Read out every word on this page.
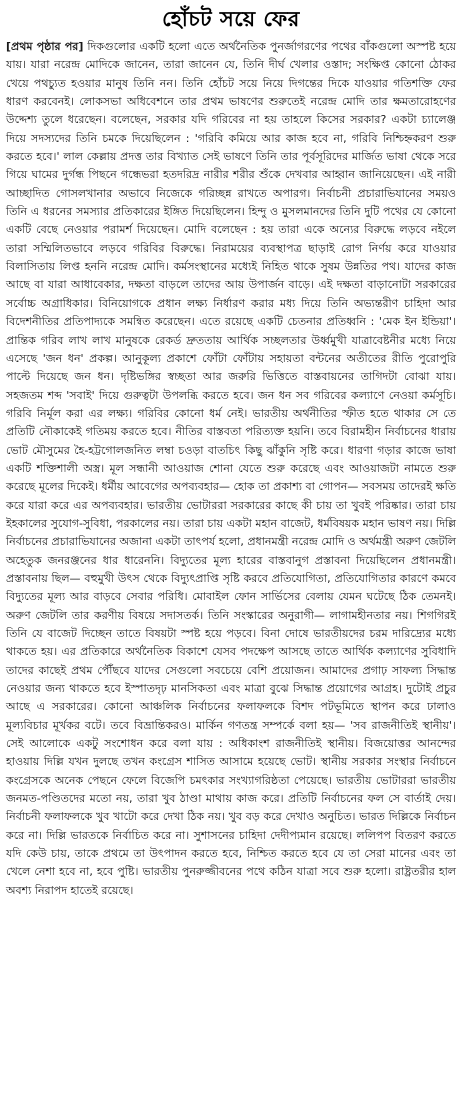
হোঁচট সয়ে ফের

[প্রথম পৃষ্ঠার পর] দিকগুলোর একটি হলো এতে অর্থনৈতিক পুনর্জাগরণের পথের বাঁকগুলো অস্পষ্ট হয়ে যায়। যারা নরেন্দ্র মোদিকে জানেন, তারা জানেন যে, তিনি দীর্ঘ খেলার ওস্তাদ; সংক্ষিপ্ত কোনো ঠোকর খেয়ে পথচ্যুত হওয়ার মানুষ তিনি নন। তিনি হোঁচট সয়ে নিয়ে দিগন্তের দিকে যাওয়ার গতিশক্তি ফের ধারণ করবেনই। লোকসভা অধিবেশনে তার প্রথম ভাষণের শুরুতেই নরেন্দ্র মোদি তার ক্ষমতারোহণের উদ্দেশ্য তুলে ধরেছেন। বলেছেন, সরকার যদি গরিবের না হয় তাহলে কিসের সরকার? একটা চ্যালেঞ্জ দিয়ে সদস্যদের তিনি চমকে দিয়েছিলেন : 'গরিবি কমিয়ে আর কাজ হবে না, গরিবি নিশ্চিহ্নকরণ শুরু করতে হবে।' লাল কেল্লায় প্রদত্ত তার বিখ্যাত সেই ভাষণে তিনি তার পূর্বসূরিদের মার্জিত ভাষা থেকে সরে গিয়ে ঘামের দুর্গন্ধ পিছনে গন্ধেভরা হতদরিদ্র নারীর শরীর শুঁকে দেখবার আহ্বান জানিয়েছেন। এই নারী আচ্ছাদিত গোসলখানার অভাবে নিজেকে গরিচ্ছন্ন রাখতে অপারগ। নির্বাচনী প্রচারাভিযানের সময়ও তিনি এ ধরনের সমস্যার প্রতিকারের ইঙ্গিত দিয়েছিলেন। হিন্দু ও মুসলমানদের তিনি দুটি পথের যে কোনো একটি বেছে নেওয়ার পরামর্শ দিয়েছেন। মোদি বলেছেন : হয় তারা একে অন্যের বিরুদ্ধে লড়বে নইলে তারা সম্মিলিতভাবে লড়বে গরিবির বিরুদ্ধে। নিরাময়ের ব্যবস্থাপত্র ছাড়াই রোগ নির্ণয় করে যাওয়ার বিলাসিতায় লিপ্ত হননি নরেন্দ্র মোদি। কর্মসংস্থানের মধ্যেই নিহিত থাকে সুষম উন্নতির পথ। যাদের কাজ আছে বা যারা আধাবেকার, দক্ষতা বাড়লে তাদের আয় উপার্জন বাড়ে। এই দক্ষতা বাড়ানোটা সরকারের সর্বোচ্চ অগ্রাধিকার। বিনিয়োগকে প্রধান লক্ষ্য নির্ধারণ করার মধ্য দিয়ে তিনি অভ্যন্তরীণ চাহিদা আর বিদেশনীতির প্রতিপাদ্যকে সমন্বিত করেছেন। এতে রয়েছে একটি চেতনার প্রতিধ্বনি : 'মেক ইন ইন্ডিয়া'। প্রান্তিক গরিব লাখ লাখ মানুষকে রেকর্ড দ্রুততায় আর্থিক সচ্ছলতার উর্ধ্বমুখী যাত্রাবেষ্টনীর মধ্যে নিয়ে এসেছে 'জন ধন' প্রকল্প। আনুকূল্য প্রকাশে ফোঁটা ফোঁটায় সহায়তা বন্টনের অতীতের রীতি পুরোপুরি পাল্টে দিয়েছে জন ধন। দৃষ্টিভঙ্গির স্বচ্ছতা আর জরুরি ভিত্তিতে বাস্তবায়নের তাগিদটা বোঝা যায়। সহজতম শব্দ 'সবাই' দিয়ে গুরুত্বটা উপলব্ধি করতে হবে। জন ধন সব গরিবের কল্যাণে নেওয়া কর্মসূচি। গরিবি নির্মূল করা এর লক্ষ্য। গরিবির কোনো ধর্ম নেই। ভারতীয় অর্থনীতির স্ফীত হতে থাকার সে তে প্রতিটি নৌকাকেই গতিময় করতে হবে। নীতির বাস্তবতা পরিত্যক্ত হয়নি। তবে বিরামহীন নির্বাচনের ধারায় ভোট মৌসুমের হৈ-হট্টগোলজনিত লম্বা চওড়া বাতচিৎ কিছু ঝাঁকুনি সৃষ্টি করে। ধারণা গড়ার কাজে ভাষা একটি শক্তিশালী অস্ত্র। মূল সন্ধানী আওয়াজ শোনা যেতে শুরু করেছে এবং আওয়াজটা নামতে শুরু করেছে মূলের দিকেই। ধর্মীয় আবেগের অপব্যবহার— হোক তা প্রকাশ্য বা গোপন— সবসময় তাদেরই ক্ষতি করে যারা করে এর অপব্যবহার। ভারতীয় ভোটাররা সরকারের কাছে কী চায় তা খুবই পরিষ্কার। তারা চায় ইহকালের সুযোগ-সুবিধা, পরকালের নয়। তারা চায় একটা মহান বাজেট, ধর্মবিষয়ক মহান ভাষণ নয়। দিল্লি নির্বাচনের প্রচারাভিযানের অজানা একটা তাৎপর্য হলো, প্রধানমন্ত্রী নরেন্দ্র মোদি ও অর্থমন্ত্রী অরুণ জেটলি অহেতুক জনরঞ্জনের ধার ধারেননি। বিদ্যুতের মূল্য হারের বাস্তবানুগ প্রস্তাবনা দিয়েছিলেন প্রধানমন্ত্রী। প্রস্তাবনায় ছিল— বহুমুখী উৎস থেকে বিদ্যুৎপ্রাপ্তি সৃষ্টি করবে প্রতিযোগিতা, প্রতিযোগিতার কারণে কমবে বিদ্যুতের মূল্য আর বাড়বে সেবার পরিধি। মোবাইল ফোন সার্ভিসের বেলায় যেমন ঘটেছে ঠিক তেমনই। অরুণ জেটলি তার করণীয় বিষয়ে সদাসতর্ক। তিনি সংস্কারের অনুরাগী— লাগামহীনতার নয়। শিগগিরই তিনি যে বাজেট দিচ্ছেন তাতে বিষয়টা স্পষ্ট হয়ে পড়বে। বিনা দোষে ভারতীয়দের চরম দারিদ্র্যের মধ্যে থাকতে হয়। এর প্রতিকারে অর্থনৈতিক বিকাশে যেসব পদক্ষেপ আসছে তাতে আর্থিক কল্যাণের সুবিধাদি তাদের কাছেই প্রথম পৌঁছবে যাদের সেগুলো সবচেয়ে বেশি প্রয়োজন। আমাদের প্রগাঢ় সাফল্য সিদ্ধান্ত নেওয়ার জন্য থাকতে হবে ইস্পাতদৃঢ় মানসিকতা এবং মাত্রা বুঝে সিদ্ধান্ত প্রয়োগের আগ্রহ। দুটোই প্রচুর আছে এ সরকারের। কোনো আঞ্চলিক নির্বাচনের ফলাফলকে বিশদ পটভূমিতে স্থাপন করে ঢালাও মূল্যবিচার মূর্খকর বটে। তবে বিভ্রান্তিকরও। মার্কিন গণতন্ত্র সম্পর্কে বলা হয়— 'সব রাজনীতিই স্থানীয়'। সেই আলোকে একটু সংশোধন করে বলা যায় : অধিকাংশ রাজনীতিই স্থানীয়। বিজয়োত্তর আনন্দের হাওয়ায় দিল্লি যখন দুলছে তখন কংগ্রেস শাসিত আসামে হয়েছে ভোট। স্থানীয় সরকার সংস্থার নির্বাচনে কংগ্রেসকে অনেক পেছনে ফেলে বিজেপি চমৎকার সংখ্যাগরিষ্ঠতা পেয়েছে। ভারতীয় ভোটাররা ভারতীয় জনমত-পণ্ডিতদের মতো নয়, তারা খুব ঠাণ্ডা মাথায় কাজ করে। প্রতিটি নির্বাচনের ফল সে বার্তাই দেয়। নির্বাচনী ফলাফলকে খুব খাটো করে দেখা ঠিক নয়। খুব বড় করে দেখাও অনুচিত। ভারত দিল্লিকে নির্বাচন করে না। দিল্লি ভারতকে নির্বাচিত করে না। সুশাসনের চাহিদা দেদীপ্যমান রয়েছে। ললিপপ বিতরণ করতে যদি কেউ চায়, তাকে প্রথমে তা উৎপাদন করতে হবে, নিশ্চিত করতে হবে যে তা সেরা মানের এবং তা খেলে নেশা হবে না, হবে পুষ্টি। ভারতীয় পুনরুজ্জীবনের পথে কঠিন যাত্রা সবে শুরু হলো। রাষ্ট্রতরীর হাল অবশ্য নিরাপদ হাতেই রয়েছে।
